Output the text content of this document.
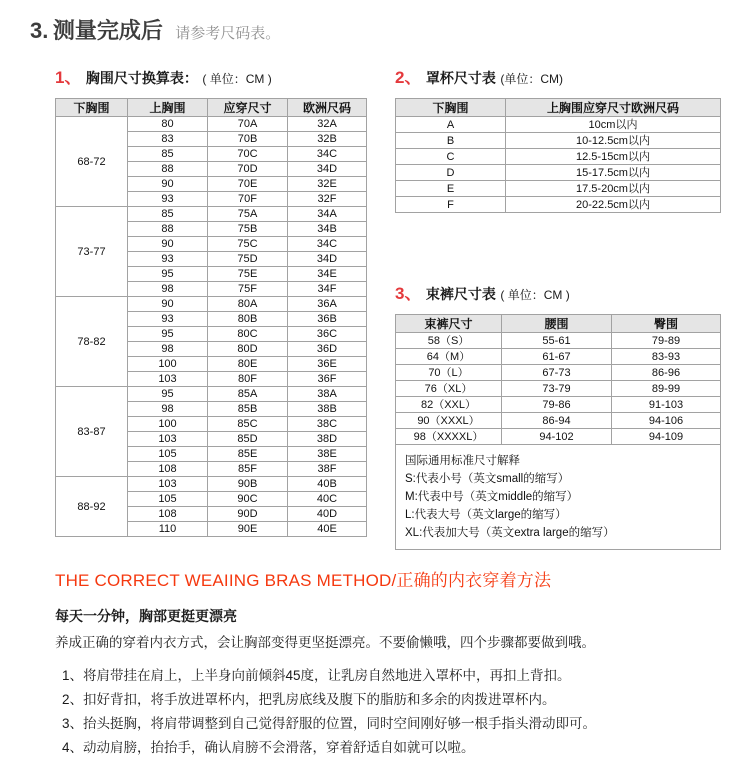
3. 测量完成后 请参考尺码表。
1、 胸围尺寸换算表： ( 单位：CM )
下胸围	上胸围	应穿尺寸	欧洲尺码
68-72	80	70A	32A
	83	70B	32B
	85	70C	34C
	88	70D	34D
	90	70E	32E
	93	70F	32F
73-77	85	75A	34A
	88	75B	34B
	90	75C	34C
	93	75D	34D
	95	75E	34E
	98	75F	34F
78-82	90	80A	36A
	93	80B	36B
	95	80C	36C
	98	80D	36D
	100	80E	36E
	103	80F	36F
83-87	95	85A	38A
	98	85B	38B
	100	85C	38C
	103	85D	38D
	105	85E	38E
	108	85F	38F
88-92	103	90B	40B
	105	90C	40C
	108	90D	40D
	110	90E	40E
2、 罩杯尺寸表 (单位：CM)
下胸围	上胸围应穿尺寸欧洲尺码
A	10cm以内
B	10-12.5cm以内
C	12.5-15cm以内
D	15-17.5cm以内
E	17.5-20cm以内
F	20-22.5cm以内
3、 束裤尺寸表 ( 单位：CM )
束裤尺寸	腰围	臀围
58（S）	55-61	79-89
64（M）	61-67	83-93
70（L）	67-73	86-96
76（XL）	73-79	89-99
82（XXL）	79-86	91-103
90（XXXL）	86-94	94-106
98（XXXXL）	94-102	94-109

国际通用标准尺寸解释
S:代表小号（英文small的缩写）
M:代表中号（英文middle的缩写）
L:代表大号（英文large的缩写）
XL:代表加大号（英文extra large的缩写）		
THE CORRECT WEAIING BRAS METHOD/正确的内衣穿着方法
每天一分钟，胸部更挺更漂亮
养成正确的穿着内衣方式，会让胸部变得更坚挺漂亮。不要偷懒哦，四个步骤都要做到哦。
1、将肩带挂在肩上，上半身向前倾斜45度，让乳房自然地进入罩杯中，再扣上背扣。
2、扣好背扣，将手放进罩杯内，把乳房底线及腹下的脂肪和多余的肉拨进罩杯内。
3、抬头挺胸，将肩带调整到自己觉得舒服的位置，同时空间刚好够一根手指头滑动即可。
4、动动肩膀，抬抬手，确认肩膀不会滑落，穿着舒适自如就可以啦。
